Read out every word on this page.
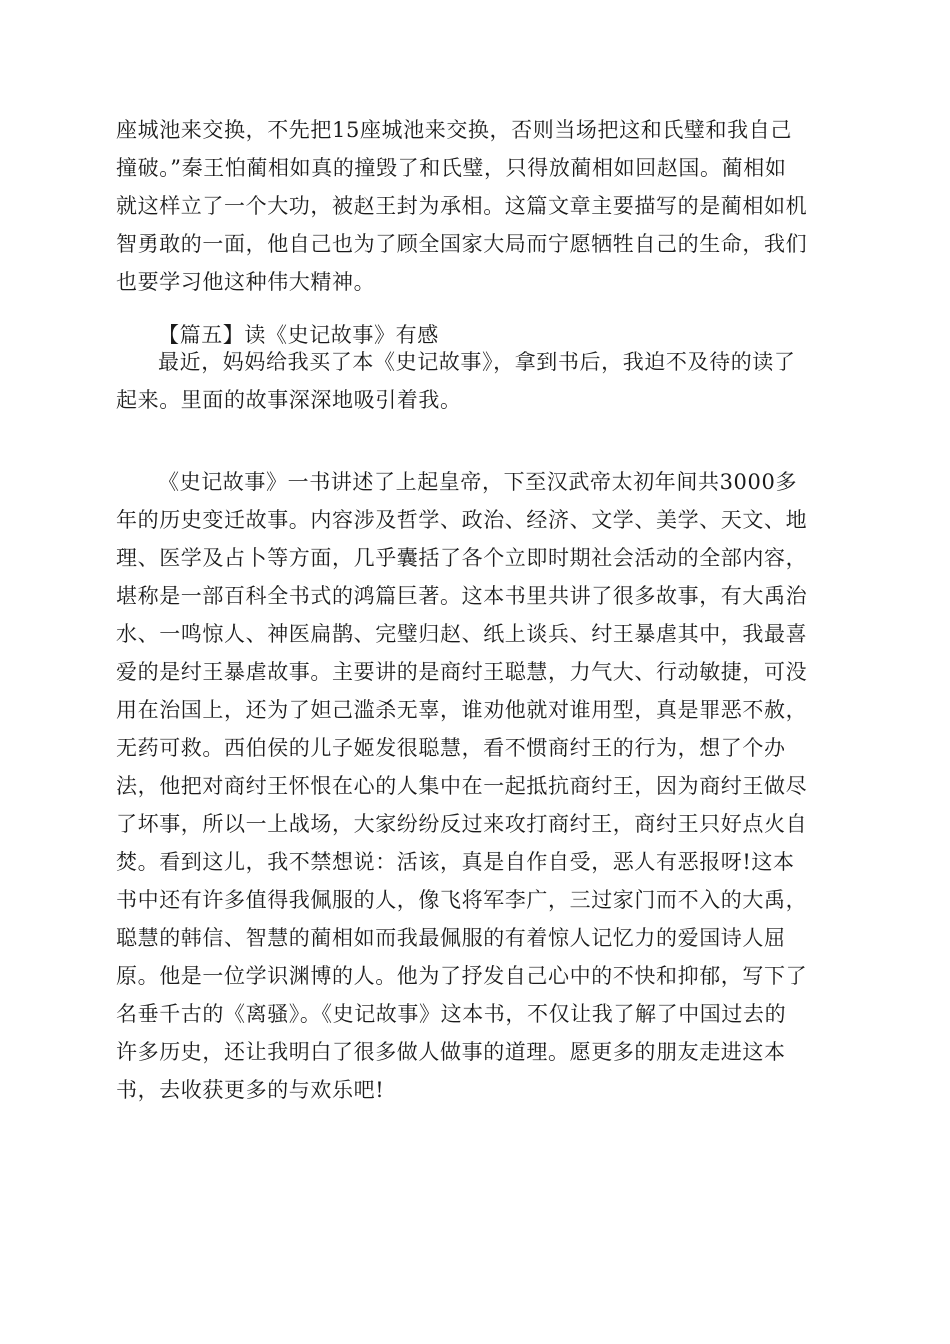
座城池来交换，不先把15座城池来交换，否则当场把这和氏璧和我自己
撞破。”秦王怕蔺相如真的撞毁了和氏璧，只得放蔺相如回赵国。蔺相如
就这样立了一个大功，被赵王封为承相。这篇文章主要描写的是蔺相如机
智勇敢的一面，他自己也为了顾全国家大局而宁愿牺牲自己的生命，我们
也要学习他这种伟大精神。
【篇五】读《史记故事》有感
最近，妈妈给我买了本《史记故事》，拿到书后，我迫不及待的读了
起来。里面的故事深深地吸引着我。
《史记故事》一书讲述了上起皇帝，下至汉武帝太初年间共3000多
年的历史变迁故事。内容涉及哲学、政治、经济、文学、美学、天文、地
理、医学及占卜等方面，几乎囊括了各个立即时期社会活动的全部内容，
堪称是一部百科全书式的鸿篇巨著。这本书里共讲了很多故事，有大禹治
水、一鸣惊人、神医扁鹊、完璧归赵、纸上谈兵、纣王暴虐其中，我最喜
爱的是纣王暴虐故事。主要讲的是商纣王聪慧，力气大、行动敏捷，可没
用在治国上，还为了妲己滥杀无辜，谁劝他就对谁用型，真是罪恶不赦，
无药可救。西伯侯的儿子姬发很聪慧，看不惯商纣王的行为，想了个办
法，他把对商纣王怀恨在心的人集中在一起抵抗商纣王，因为商纣王做尽
了坏事，所以一上战场，大家纷纷反过来攻打商纣王，商纣王只好点火自
焚。看到这儿，我不禁想说：活该，真是自作自受，恶人有恶报呀!这本
书中还有许多值得我佩服的人，像飞将军李广，三过家门而不入的大禹，
聪慧的韩信、智慧的蔺相如而我最佩服的有着惊人记忆力的爱国诗人屈
原。他是一位学识渊博的人。他为了抒发自己心中的不快和抑郁，写下了
名垂千古的《离骚》。《史记故事》这本书，不仅让我了解了中国过去的
许多历史，还让我明白了很多做人做事的道理。愿更多的朋友走进这本
书，去收获更多的与欢乐吧!
